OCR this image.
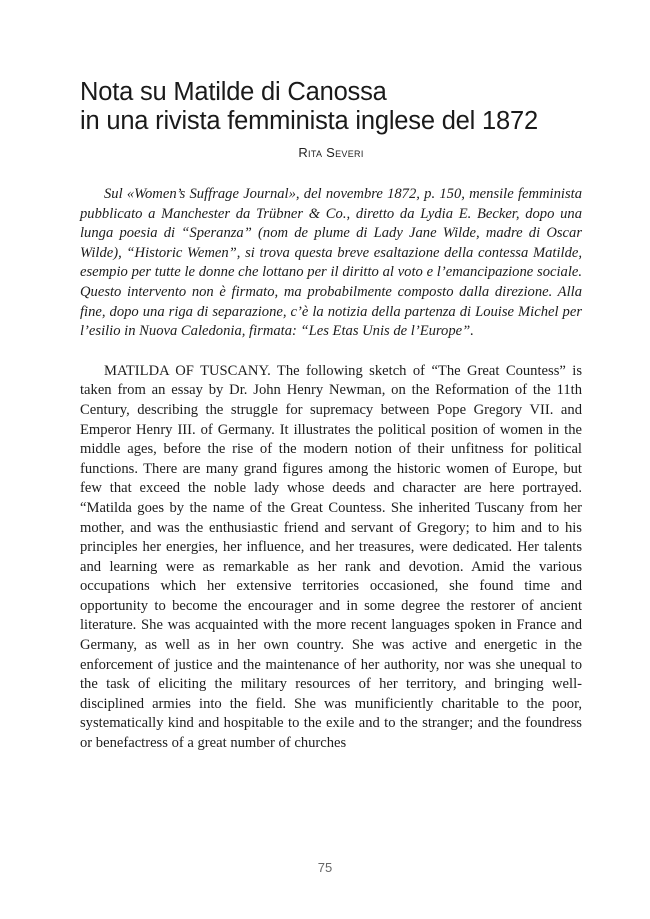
Nota su Matilde di Canossa
in una rivista femminista inglese del 1872
Rita Severi

Sul «Women’s Suffrage Journal», del novembre 1872, p. 150, mensile femminista pubblicato a Manchester da Trübner & Co., diretto da Lydia E. Becker, dopo una lunga poesia di “Speranza” (nom de plume di Lady Jane Wilde, madre di Oscar Wilde), “Historic Wemen”, si trova questa breve esaltazione della contessa Matilde, esempio per tutte le donne che lottano per il diritto al voto e l’emancipazione sociale. Questo intervento non è firmato, ma probabilmente composto dalla direzione. Alla fine, dopo una riga di separazione, c’è la notizia della partenza di Louise Michel per l’esilio in Nuova Caledonia, firmata: “Les Etas Unis de l’Europe”.

MATILDA OF TUSCANY. The following sketch of “The Great Countess” is taken from an essay by Dr. John Henry Newman, on the Reformation of the 11th Century, describing the struggle for supremacy between Pope Gregory VII. and Emperor Henry III. of Germany. It illustrates the political position of women in the middle ages, before the rise of the modern notion of their unfitness for political functions. There are many grand figures among the historic women of Europe, but few that exceed the noble lady whose deeds and character are here portrayed. “Matilda goes by the name of the Great Countess. She inherited Tuscany from her mother, and was the enthusiastic friend and servant of Gregory; to him and to his principles her energies, her influence, and her treasures, were dedicated. Her talents and learning were as remarkable as her rank and devotion. Amid the various occupations which her extensive territories occasioned, she found time and opportunity to become the encourager and in some degree the restorer of ancient literature. She was acquainted with the more recent languages spoken in France and Germany, as well as in her own country. She was active and energetic in the enforcement of justice and the maintenance of her authority, nor was she unequal to the task of eliciting the military resources of her territory, and bringing well-disciplined armies into the field. She was munificiently charitable to the poor, systematically kind and hospitable to the exile and to the stranger; and the foundress or benefactress of a great number of churches

75
